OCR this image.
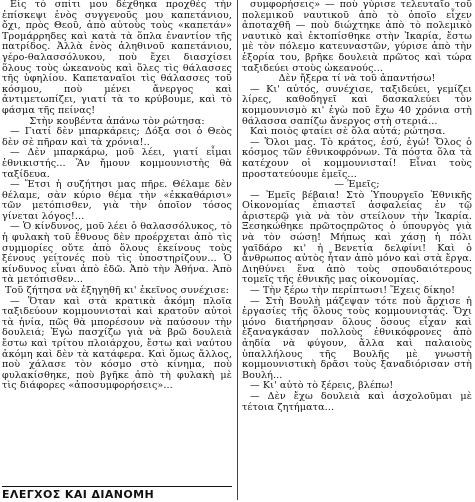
Εἰς τὸ σπίτι μου δέχθηκα προχθὲς τὴν ἐπίσκεψι ἑνὸς συγγενοῦς μου καπετάνιου, ὄχι, πρὸς Θεοῦ, ἀπὸ αὐτοὺς τοὺς «καπετάν» Τρομάρρηδες καὶ κατὰ τὰ ὅπλα ἐναντίον τῆς πατρίδος. Ἀλλὰ ἑνὸς ἀληθινοῦ καπετάνιου, γέρο-θαλασσόλυκου, ποὺ ἔχει διασχίσει ὅλους τοὺς ὠκεανοὺς καὶ ὅλες τὶς θάλασσες τῆς ὑφηλίου. Καπεταναῖοι τὶς θάλασσες τοῦ κόσμου, ποὺ μένει ἄνεργος καὶ ἀντιμετωπίζει, γιατί τὰ το κρύβουμε, καὶ τὸ φάσμα τῆς πείνας!

Στὴν κουβέντα ἀπάνω τὸν ρώτησα:

— Γιατί δὲν μπαρκάρεις; Δόξα σοι ὁ Θεὸς δὲν σὲ πῆραν καὶ τὰ χρόνια!..

— Δὲν μπαρκάρω, μοῦ λέει, γιατί εἶμαι ἐθνικιστής... Ἂν ἤμουν κομμουνιστὴς θὰ ταξίδευα.

— Ἔτσι ἡ συζήτησι μας πῆρε. Θέλαμε δὲν θέλαμε, σὰν κύριο θέμα τὴν «ἐκκαθάρισι» τῶν μετόπισθεν, γιὰ τὴν ὁποῖον τόσος γίνεται λόγος!...

— Ὁ κίνδυνος, μοῦ λέει ὁ θαλασσόλυκος, τὸ ἡ φυλακὴ τοῦ ἔθνους δὲν προέρχεται ἀπὸ τὶς συμμορίες οὔτε ἀπὸ ὅλους ἐκείνους τοὺς ξένους γείτονές ποὺ τὶς ὑποστηρίζουν... Ὁ κίνδυνος εἶναι ἀπὸ ἐδῶ. Ἀπὸ τὴν Ἀθήνα. Ἀπὸ τὰ μετόπισθεν...

Τοῦ ζήτησα νὰ ἐξηγηθῆ κι' ἐκεῖνος συνέχισε:

— Ὅταν καὶ στὰ κρατικὰ ἀκόμη πλοῖα ταξιδεύουν κομμουνισταὶ καὶ κρατοῦν αὐτοὶ τὰ ἡνία, πῶς θὰ μπορέσουν νὰ παύσουν τὴν δουλειά; Ἐγὼ πασχίζω γιὰ νὰ βρῶ δουλειὰ ἔστω καὶ τρίτου πλοιάρχου, ἔστω καὶ ναύτου ἀκόμη καὶ δὲν τὰ κατάφερα. Καὶ ὅμως ἄλλος, ποὺ χάλασε τὸν κόσμο στὸ κίνημα, ποὺ φυλακίσθηκε, ποὺ βγῆκε ἀπὸ τὴ φυλακὴ μὲ τὶς διάφορες «ἀποσυμφορήσεις»...

συμφορήσεις» — ποὺ γύρισε τελευταῖο τοῦ πολεμικοῦ ναυτικοῦ ἀπὸ τὸ ὁποῖο εἶχεν ἀποταχθῆ — ποὺ διώχτηκε ἀπὸ τὸ πολεμικὸ ναυτικὸ καὶ ἐκτοπίσθηκε στὴν Ἰκαρία, ἔστω μὲ τὸν πόλεμο κατευναστῶν, γύρισε ἀπὸ τὴν ἐξορία του, βρῆκε δουλειὰ πρῶτος καὶ τώρα ταξιδεύει στοὺς ὠκεανούς...

Δὲν ἤξερα τί νὰ τοῦ ἀπαντήσω!

— Κι' αὐτός, συνέχισε, ταξιδεύει, γεμίζει λίρες, καθοδηγεῖ καὶ δασκαλεύει τὸν κομμουνισμὸ κι' ἐγὼ ποῦ ἔχω 40 χρόνια στὴ θάλασσα σαπίζω ἄνεργος στὴ στεριά...

Καὶ ποιὸς φταίει σὲ ὅλα αὐτά; ρώτησα.

— Ὅλοι μας. Τὸ κράτος, ἐσύ, ἐγώ! Ὅλος ὁ κόσμος τῶν ἐθνικοφρόνων. Τὰ πόστα ὅλα τὰ κατέχουν οἱ κομμουνισταί! Εἶναι τοὺς προστατεύουμε ἐμεῖς...

— Ἐμεῖς;

— Ἐμεῖς βέβαια! Στὸ Ὑπουργεῖο Ἐθνικῆς Οἰκονομίας ἐπιαστεῖ ἀσφαλείας ἐν τῷ ἀριστερῷ γιὰ νὰ τὸν στείλουν τὴν Ἰκαρία. Ξεσηκώθηκε πρῶτοςπρῶτος ὁ ὑπουργὸς γιὰ νὰ τὸν σώσῃ! Μήπως καὶ χάσῃ ἡ πόλι γαϊδάρο κι' ἡ Βενετία δελφίνι! Καὶ ὁ ἄνθρωπος αὐτὸς ἦταν ἀπὸ μόνο καὶ στὰ ἔργα. Διηθύνει ἕνα ἀπὸ τοὺς σπουδαιότερους τομεῖς τῆς ἐθνικῆς μας οἰκονομίας.

— Τὴν ξέρω τὴν περίπτωσι! Ἔχεις δίκηο!

— Στὴ Βουλὴ μάζεψαν τότε ποὺ ἄρχισε ἡ ἐργασίες τῆς ὅλους τοὺς κομμουνιστάς. Ὄχι μόνο διατήρησαν ὅλους ὅσους εἶχαν καὶ ἐξαναγκάσαν πολλοὺς ἐθνικόφρονες ἀπὸ ἀηδία νὰ φύγουν, ἄλλα καὶ παλαιοὺς ὑπαλλήλους τῆς Βουλῆς μὲ γνωστὴ κομμουνιστικὴ δρᾶσι τοὺς ξαναδιόρισαν στὴ Βουλή...

— Κι' αὐτὸ τὸ ξέρεις, βλέπω!

— Δὲν ἔχω δουλειὰ καὶ ἀσχολοῦμαι μὲ τέτοια ζητήματα...

ΕΛΕΓΧΟΣ ΚΑΙ ΔΙΑΝΟΜΗ
